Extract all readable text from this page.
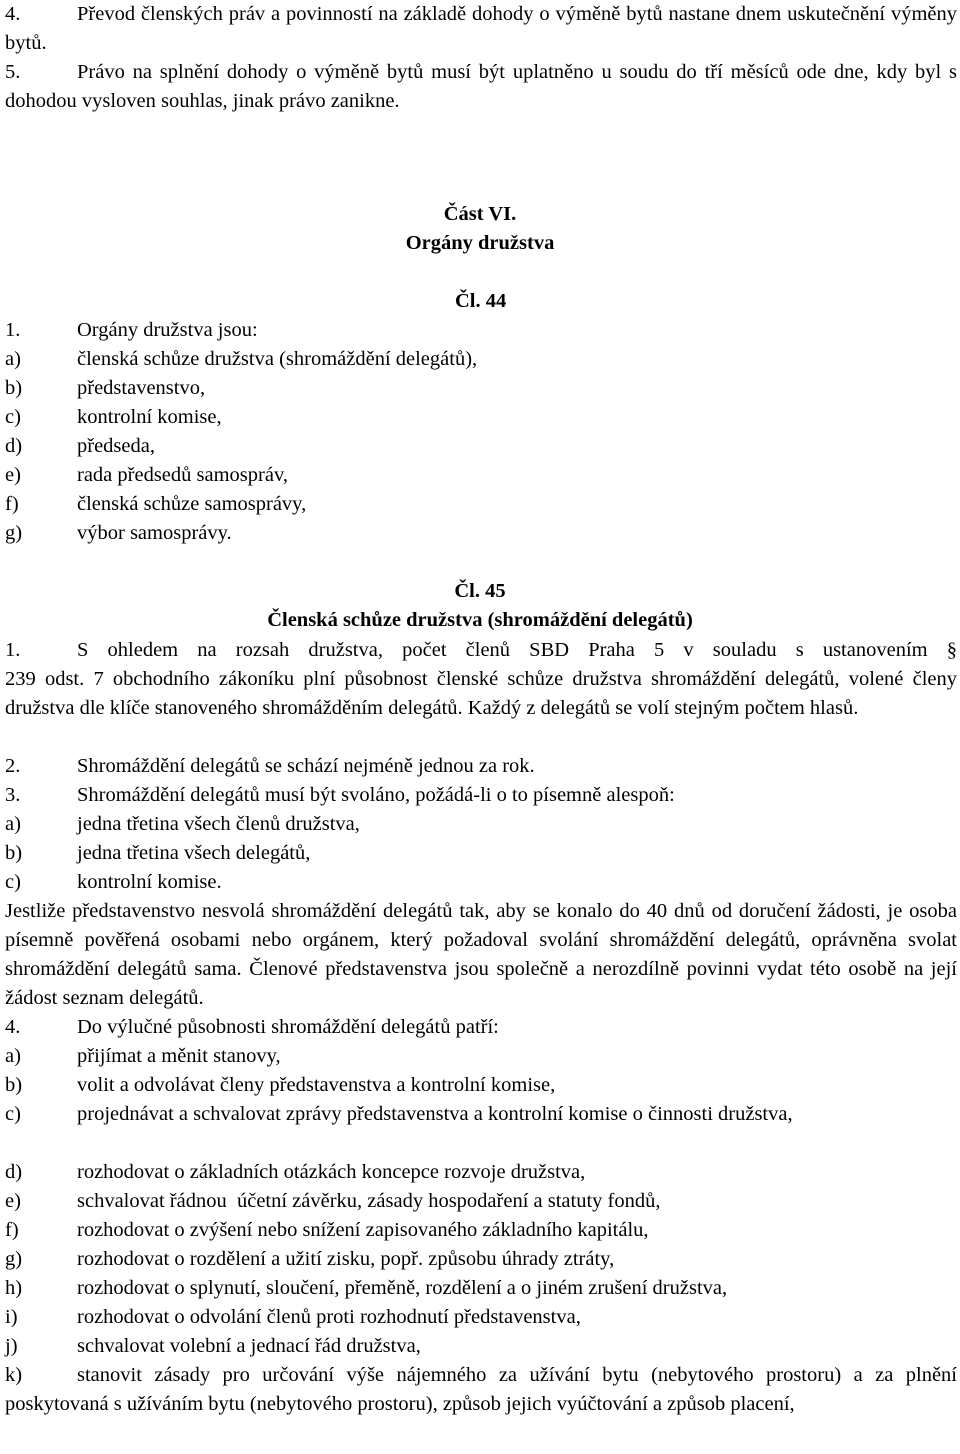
4.	Převod členských práv a povinností na základě dohody o výměně bytů nastane dnem uskutečnění výměny bytů.

5.	Právo na splnění dohody o výměně bytů musí být uplatněno u soudu do tří měsíců ode dne, kdy byl s dohodou vysloven souhlas, jinak právo zanikne.

Část VI.

Orgány družstva

Čl. 44

1.	Orgány družstva jsou:

a)	členská schůze družstva (shromáždění delegátů),

b)	představenstvo,

c)	kontrolní komise,

d)	předseda,

e)	rada předsedů samospráv,

f)	členská schůze samosprávy,

g)	výbor samosprávy.

Čl. 45

Členská schůze družstva (shromáždění delegátů)

1.	S ohledem na rozsah družstva, počet členů SBD Praha 5 v souladu s ustanovením §

239 odst. 7 obchodního zákoníku plní působnost členské schůze družstva shromáždění delegátů, volené členy družstva dle klíče stanoveného shromážděním delegátů. Každý z delegátů se volí stejným počtem hlasů.

2.	Shromáždění delegátů se schází nejméně jednou za rok.

3.	Shromáždění delegátů musí být svoláno, požádá-li o to písemně alespoň:

a)	jedna třetina všech členů družstva,

b)	jedna třetina všech delegátů,

c)	kontrolní komise.

Jestliže představenstvo nesvolá shromáždění delegátů tak, aby se konalo do 40 dnů od doručení žádosti, je osoba písemně pověřená osobami nebo orgánem, který požadoval svolání shromáždění delegátů, oprávněna svolat shromáždění delegátů sama. Členové představenstva jsou společně a nerozdílně povinni vydat této osobě na její žádost seznam delegátů.

4.	Do výlučné působnosti shromáždění delegátů patří:

a)	přijímat a měnit stanovy,

b)	volit a odvolávat členy představenstva a kontrolní komise,

c)	projednávat a schvalovat zprávy představenstva a kontrolní komise o činnosti družstva,

d)	rozhodovat o základních otázkách koncepce rozvoje družstva,

e)	schvalovat řádnou  účetní závěrku, zásady hospodaření a statuty fondů,

f)	rozhodovat o zvýšení nebo snížení zapisovaného základního kapitálu,

g)	rozhodovat o rozdělení a užití zisku, popř. způsobu úhrady ztráty,

h)	rozhodovat o splynutí, sloučení, přeměně, rozdělení a o jiném zrušení družstva,

i)	rozhodovat o odvolání členů proti rozhodnutí představenstva,

j)	schvalovat volební a jednací řád družstva,

k)	stanovit zásady pro určování výše nájemného za užívání bytu (nebytového prostoru) a za plnění poskytovaná s užíváním bytu (nebytového prostoru), způsob jejich vyúčtování a způsob placení,
